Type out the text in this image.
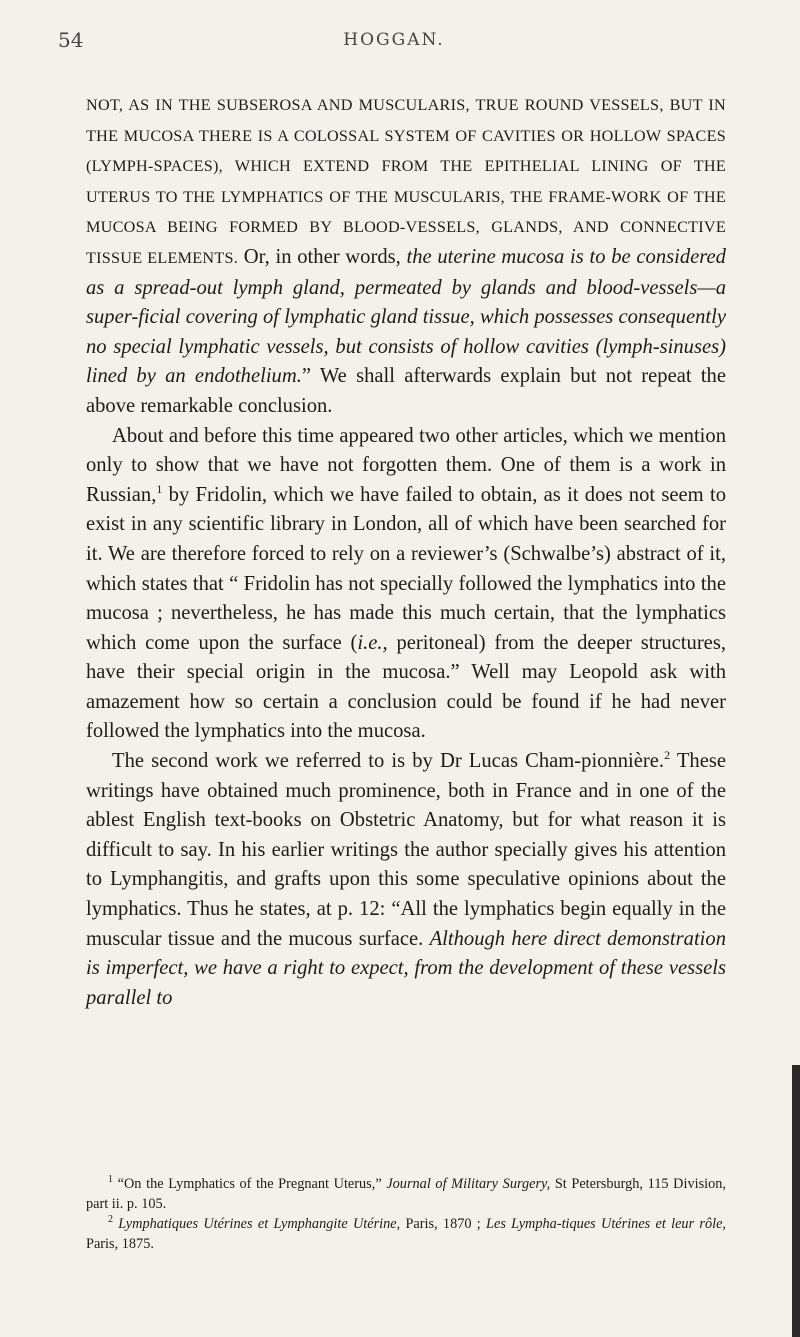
54	HOGGAN.

NOT, AS IN THE SUBSEROSA AND MUSCULARIS, TRUE ROUND VESSELS, BUT IN THE MUCOSA THERE IS A COLOSSAL SYSTEM OF CAVITIES OR HOLLOW SPACES (LYMPH-SPACES), WHICH EXTEND FROM THE EPITHELIAL LINING OF THE UTERUS TO THE LYMPHATICS OF THE MUSCULARIS, THE FRAME-WORK OF THE MUCOSA BEING FORMED BY BLOOD-VESSELS, GLANDS, AND CONNECTIVE TISSUE ELEMENTS. Or, in other words, the uterine mucosa is to be considered as a spread-out lymph gland, permeated by glands and blood-vessels—a super-ficial covering of lymphatic gland tissue, which possesses consequently no special lymphatic vessels, but consists of hollow cavities (lymph-sinuses) lined by an endothelium.” We shall afterwards explain but not repeat the above remarkable conclusion.

About and before this time appeared two other articles, which we mention only to show that we have not forgotten them. One of them is a work in Russian,$^1$ by Fridolin, which we have failed to obtain, as it does not seem to exist in any scientific library in London, all of which have been searched for it. We are therefore forced to rely on a reviewer’s (Schwalbe’s) abstract of it, which states that “ Fridolin has not specially followed the lymphatics into the mucosa ; nevertheless, he has made this much certain, that the lymphatics which come upon the surface (i.e., peritoneal) from the deeper structures, have their special origin in the mucosa.” Well may Leopold ask with amazement how so certain a conclusion could be found if he had never followed the lymphatics into the mucosa.

The second work we referred to is by Dr Lucas Cham-pionnière.$^2$ These writings have obtained much prominence, both in France and in one of the ablest English text-books on Obstetric Anatomy, but for what reason it is difficult to say. In his earlier writings the author specially gives his attention to Lymphangitis, and grafts upon this some speculative opinions about the lymphatics. Thus he states, at p. 12: “All the lymphatics begin equally in the muscular tissue and the mucous surface. Although here direct demonstration is imperfect, we have a right to expect, from the development of these vessels parallel to

$^1$ “On the Lymphatics of the Pregnant Uterus,” Journal of Military Surgery, St Petersburgh, 115 Division, part ii. p. 105.

$^2$ Lymphatiques Utérines et Lymphangite Utérine, Paris, 1870 ; Les Lympha-tiques Utérines et leur rôle, Paris, 1875.
